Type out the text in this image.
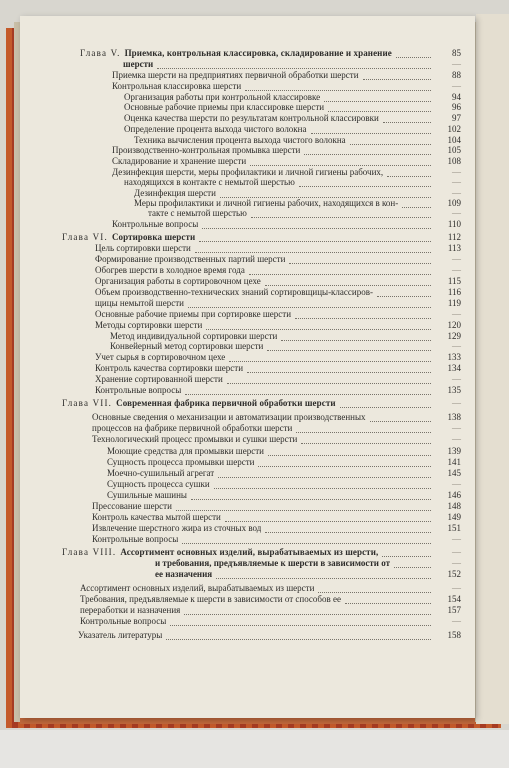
Глава V. Приемка, контрольная классировка, складирование и хранение	85
шерсти	—
Приемка шерсти на предприятиях первичной обработки шерсти	88
Контрольная классировка шерсти	—
Организация работы при контрольной классировке	94
Основные рабочие приемы при классировке шерсти	96
Оценка качества шерсти по результатам контрольной классировки	97
Определение процента выхода чистого волокна	102
Техника вычисления процента выхода чистого волокна	104
Производственно-контрольная промывка шерсти	105
Складирование и хранение шерсти	108
Дезинфекция шерсти, меры профилактики и личной гигиены рабочих,	—
находящихся в контакте с немытой шерстью	—
Дезинфекция шерсти	—
Меры профилактики и личной гигиены рабочих, находящихся в кон-	109
такте с немытой шерстью	—
Контрольные вопросы	110
Глава VI. Сортировка шерсти	112
Цель сортировки шерсти	113
Формирование производственных партий шерсти	—
Обогрев шерсти в холодное время года	—
Организация работы в сортировочном цехе	115
Объем производственно-технических знаний сортировщицы-классиров-	116
щицы немытой шерсти	119
Основные рабочие приемы при сортировке шерсти	—
Методы сортировки шерсти	120
Метод индивидуальной сортировки шерсти	129
Конвейерный метод сортировки шерсти	—
Учет сырья в сортировочном цехе	133
Контроль качества сортировки шерсти	134
Хранение сортированной шерсти	—
Контрольные вопросы	135
Глава VII. Современная фабрика первичной обработки шерсти	—
Основные сведения о механизации и автоматизации производственных	138
процессов на фабрике первичной обработки шерсти	—
Технологический процесс промывки и сушки шерсти	—
Моющие средства для промывки шерсти	139
Сущность процесса промывки шерсти	141
Моечно-сушильный агрегат	145
Сущность процесса сушки	—
Сушильные машины	146
Прессование шерсти	148
Контроль качества мытой шерсти	149
Извлечение шерстного жира из сточных вод	151
Контрольные вопросы	—
Глава VIII. Ассортимент основных изделий, вырабатываемых из шерсти,	—
и требования, предъявляемые к шерсти в зависимости от	—
ее назначения	152
Ассортимент основных изделий, вырабатываемых из шерсти	—
Требования, предъявляемые к шерсти в зависимости от способов ее	154
переработки и назначения	157
Контрольные вопросы	—
Указатель литературы	158
